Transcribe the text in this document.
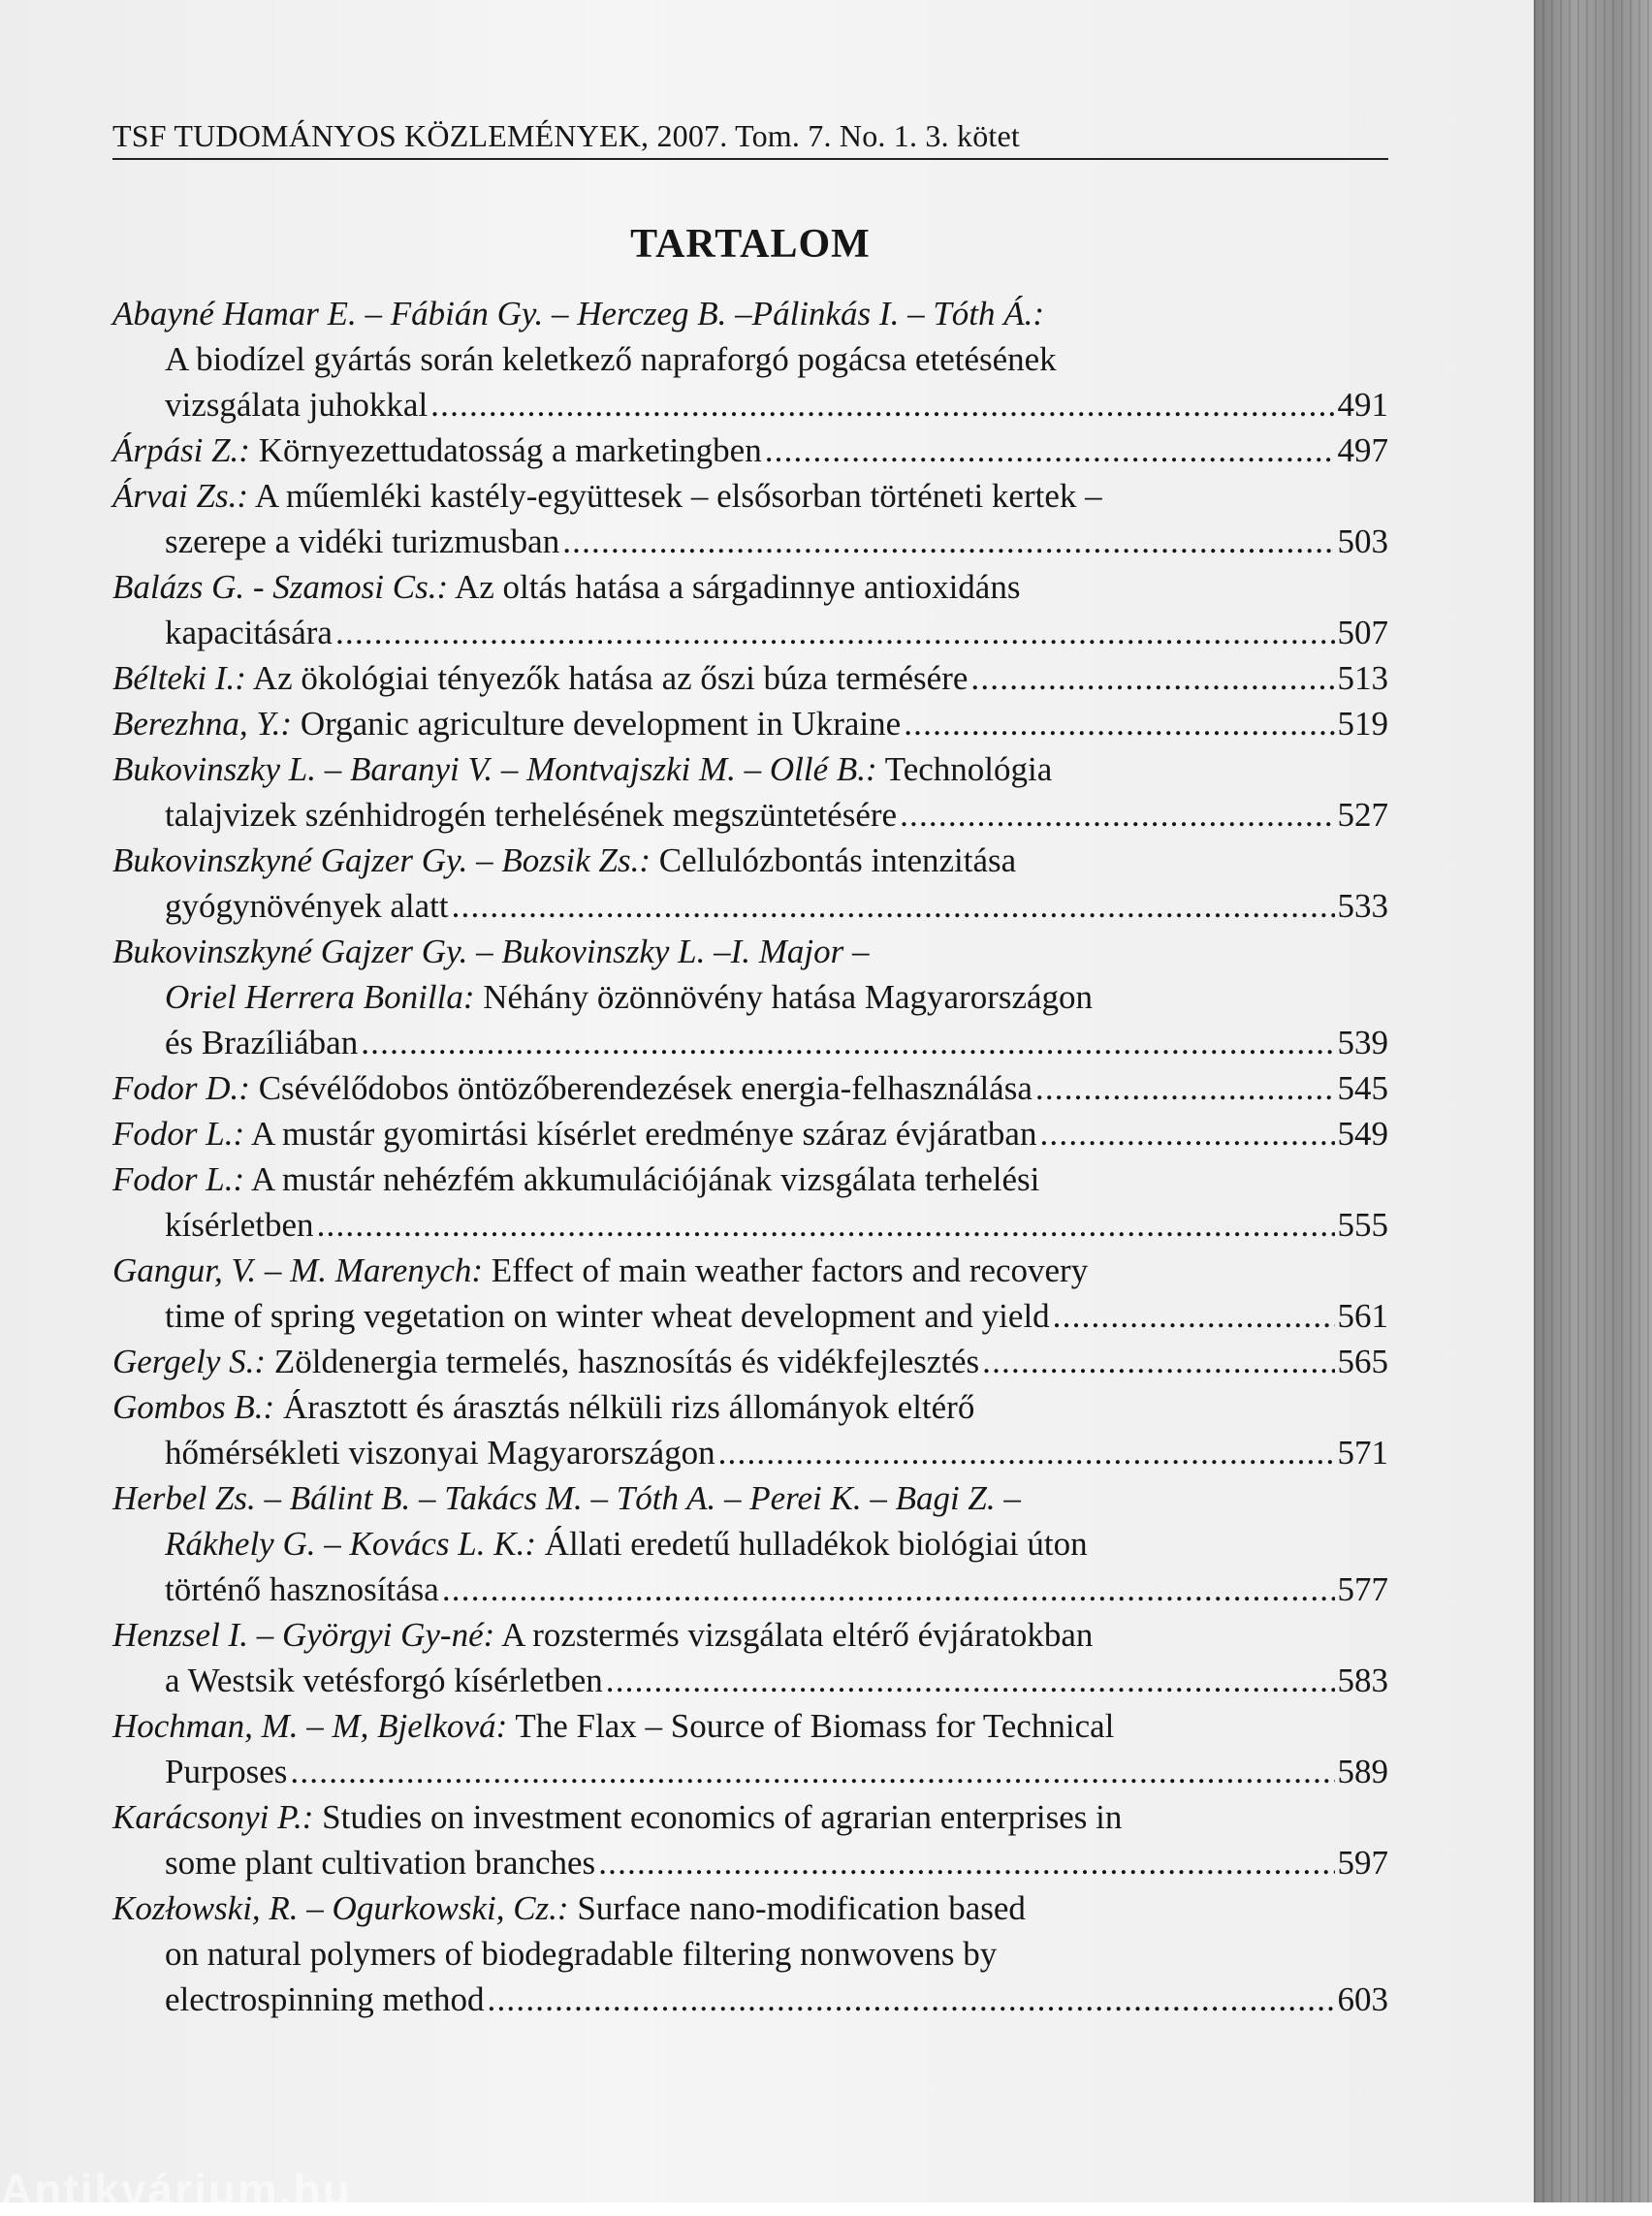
TSF TUDOMÁNYOS KÖZLEMÉNYEK, 2007. Tom. 7. No. 1. 3. kötet
TARTALOM
Abayné Hamar E. – Fábián Gy. – Herczeg B. –Pálinkás I. – Tóth Á.:
A biodízel gyártás során keletkező napraforgó pogácsa etetésének
vizsgálata juhokkal .....	491
Árpási Z.: Környezettudatosság a marketingben .....	497
Árvai Zs.: A műemléki kastély-együttesek – elsősorban történeti kertek –
szerepe a vidéki turizmusban .....	503
Balázs G. - Szamosi Cs.: Az oltás hatása a sárgadinnye antioxidáns
kapacitására .....	507
Bélteki I.: Az ökológiai tényezők hatása az őszi búza termésére .....	513
Berezhna, Y.: Organic agriculture development in Ukraine .....	519
Bukovinszky L. – Baranyi V. – Montvajszki M. – Ollé B.: Technológia
talajvizek szénhidrogén terhelésének megszüntetésére .....	527
Bukovinszkyné Gajzer Gy. – Bozsik Zs.: Cellulózbontás intenzitása
gyógynövények alatt .....	533
Bukovinszkyné Gajzer Gy. – Bukovinszky L. –I. Major –
Oriel Herrera Bonilla: Néhány özönnövény hatása Magyarországon
és Brazíliában .....	539
Fodor D.: Csévélődobos öntözőberendezések energia-felhasználása .....	545
Fodor L.: A mustár gyomirtási kísérlet eredménye száraz évjáratban .....	549
Fodor L.: A mustár nehézfém akkumulációjának vizsgálata terhelési
kísérletben .....	555
Gangur, V. – M. Marenych: Effect of main weather factors and recovery
time of spring vegetation on winter wheat development and yield .....	561
Gergely S.: Zöldenergia termelés, hasznosítás és vidékfejlesztés .....	565
Gombos B.: Árasztott és árasztás nélküli rizs állományok eltérő
hőmérsékleti viszonyai Magyarországon .....	571
Herbel Zs. – Bálint B. – Takács M. – Tóth A. – Perei K. – Bagi Z. –
Rákhely G. – Kovács L. K.: Állati eredetű hulladékok biológiai úton
történő hasznosítása .....	577
Henzsel I. – Györgyi Gy-né: A rozstermés vizsgálata eltérő évjáratokban
a Westsik vetésforgó kísérletben .....	583
Hochman, M. – M, Bjelková: The Flax – Source of Biomass for Technical
Purposes .....	589
Karácsonyi P.: Studies on investment economics of agrarian enterprises in
some plant cultivation branches .....	597
Kozłowski, R. – Ogurkowski, Cz.: Surface nano-modification based
on natural polymers of biodegradable filtering nonwovens by
electrospinning method .....	603
Antikvárium.hu
